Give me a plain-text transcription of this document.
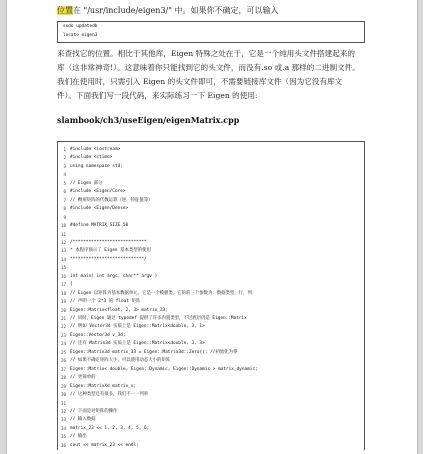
位置在 "/usr/include/eigen3/" 中。如果你不确定，可以输入
sudo updatedb
locate eigen3
来查找它的位置。相比于其他库，Eigen 特殊之处在于，它是一个纯用头文件搭建起来的
库（这非常神奇!）。这意味着你只能找到它的头文件，而没有.so 或.a 那样的二进制文件。
我们在使用时，只需引入 Eigen 的头文件即可，不需要链接库文件（因为它没有库文
件）。下面我们写一段代码，来实际练习一下 Eigen 的使用:
slambook/ch3/useEigen/eigenMatrix.cpp
1 #include <iostream>
2 #include <ctime>
3 using namespace std;
4
5 // Eigen 部分
6 #include <Eigen/Core>
7 // 稠密矩阵的代数运算（逆，特征值等）
8 #include <Eigen/Dense>
9
10 #define MATRIX_SIZE 50
11
12 /****************************
13 * 本程序演示了 Eigen 基本类型的使用
14 ****************************/
15
16 int main( int argc, char** argv )
17 {
18 // Eigen 以矩阵为基本数据单元。它是一个模板类。它的前三个参数为：数据类型，行，列
19 // 声明一个 2*3 的 float 矩阵
20 Eigen::Matrix<float, 2, 3> matrix_23;
21 // 同时，Eigen 通过 typedef 提供了许多内置类型，不过底层仍是 Eigen::Matrix
22 // 例如 Vector3d 实质上是 Eigen::Matrix<double, 3, 1>
23 Eigen::Vector3d v_3d;
24 // 还有 Matrix3d 实质上是 Eigen::Matrix<double, 3, 3>
25 Eigen::Matrix3d matrix_33 = Eigen::Matrix3d::Zero(); //初始化为零
26 // 如果不确定矩阵大小，可以使用动态大小的矩阵
27 Eigen::Matrix< double, Eigen::Dynamic, Eigen::Dynamic > matrix_dynamic;
28 // 更简单的
29 Eigen::MatrixXd matrix_x;
30 // 这种类型还有很多，我们不一一列举
31
32 // 下面是对矩阵的操作
33 // 输入数据
34 matrix_23 << 1, 2, 3, 4, 5, 6;
35 // 输出
36 cout << matrix_23 << endl;
